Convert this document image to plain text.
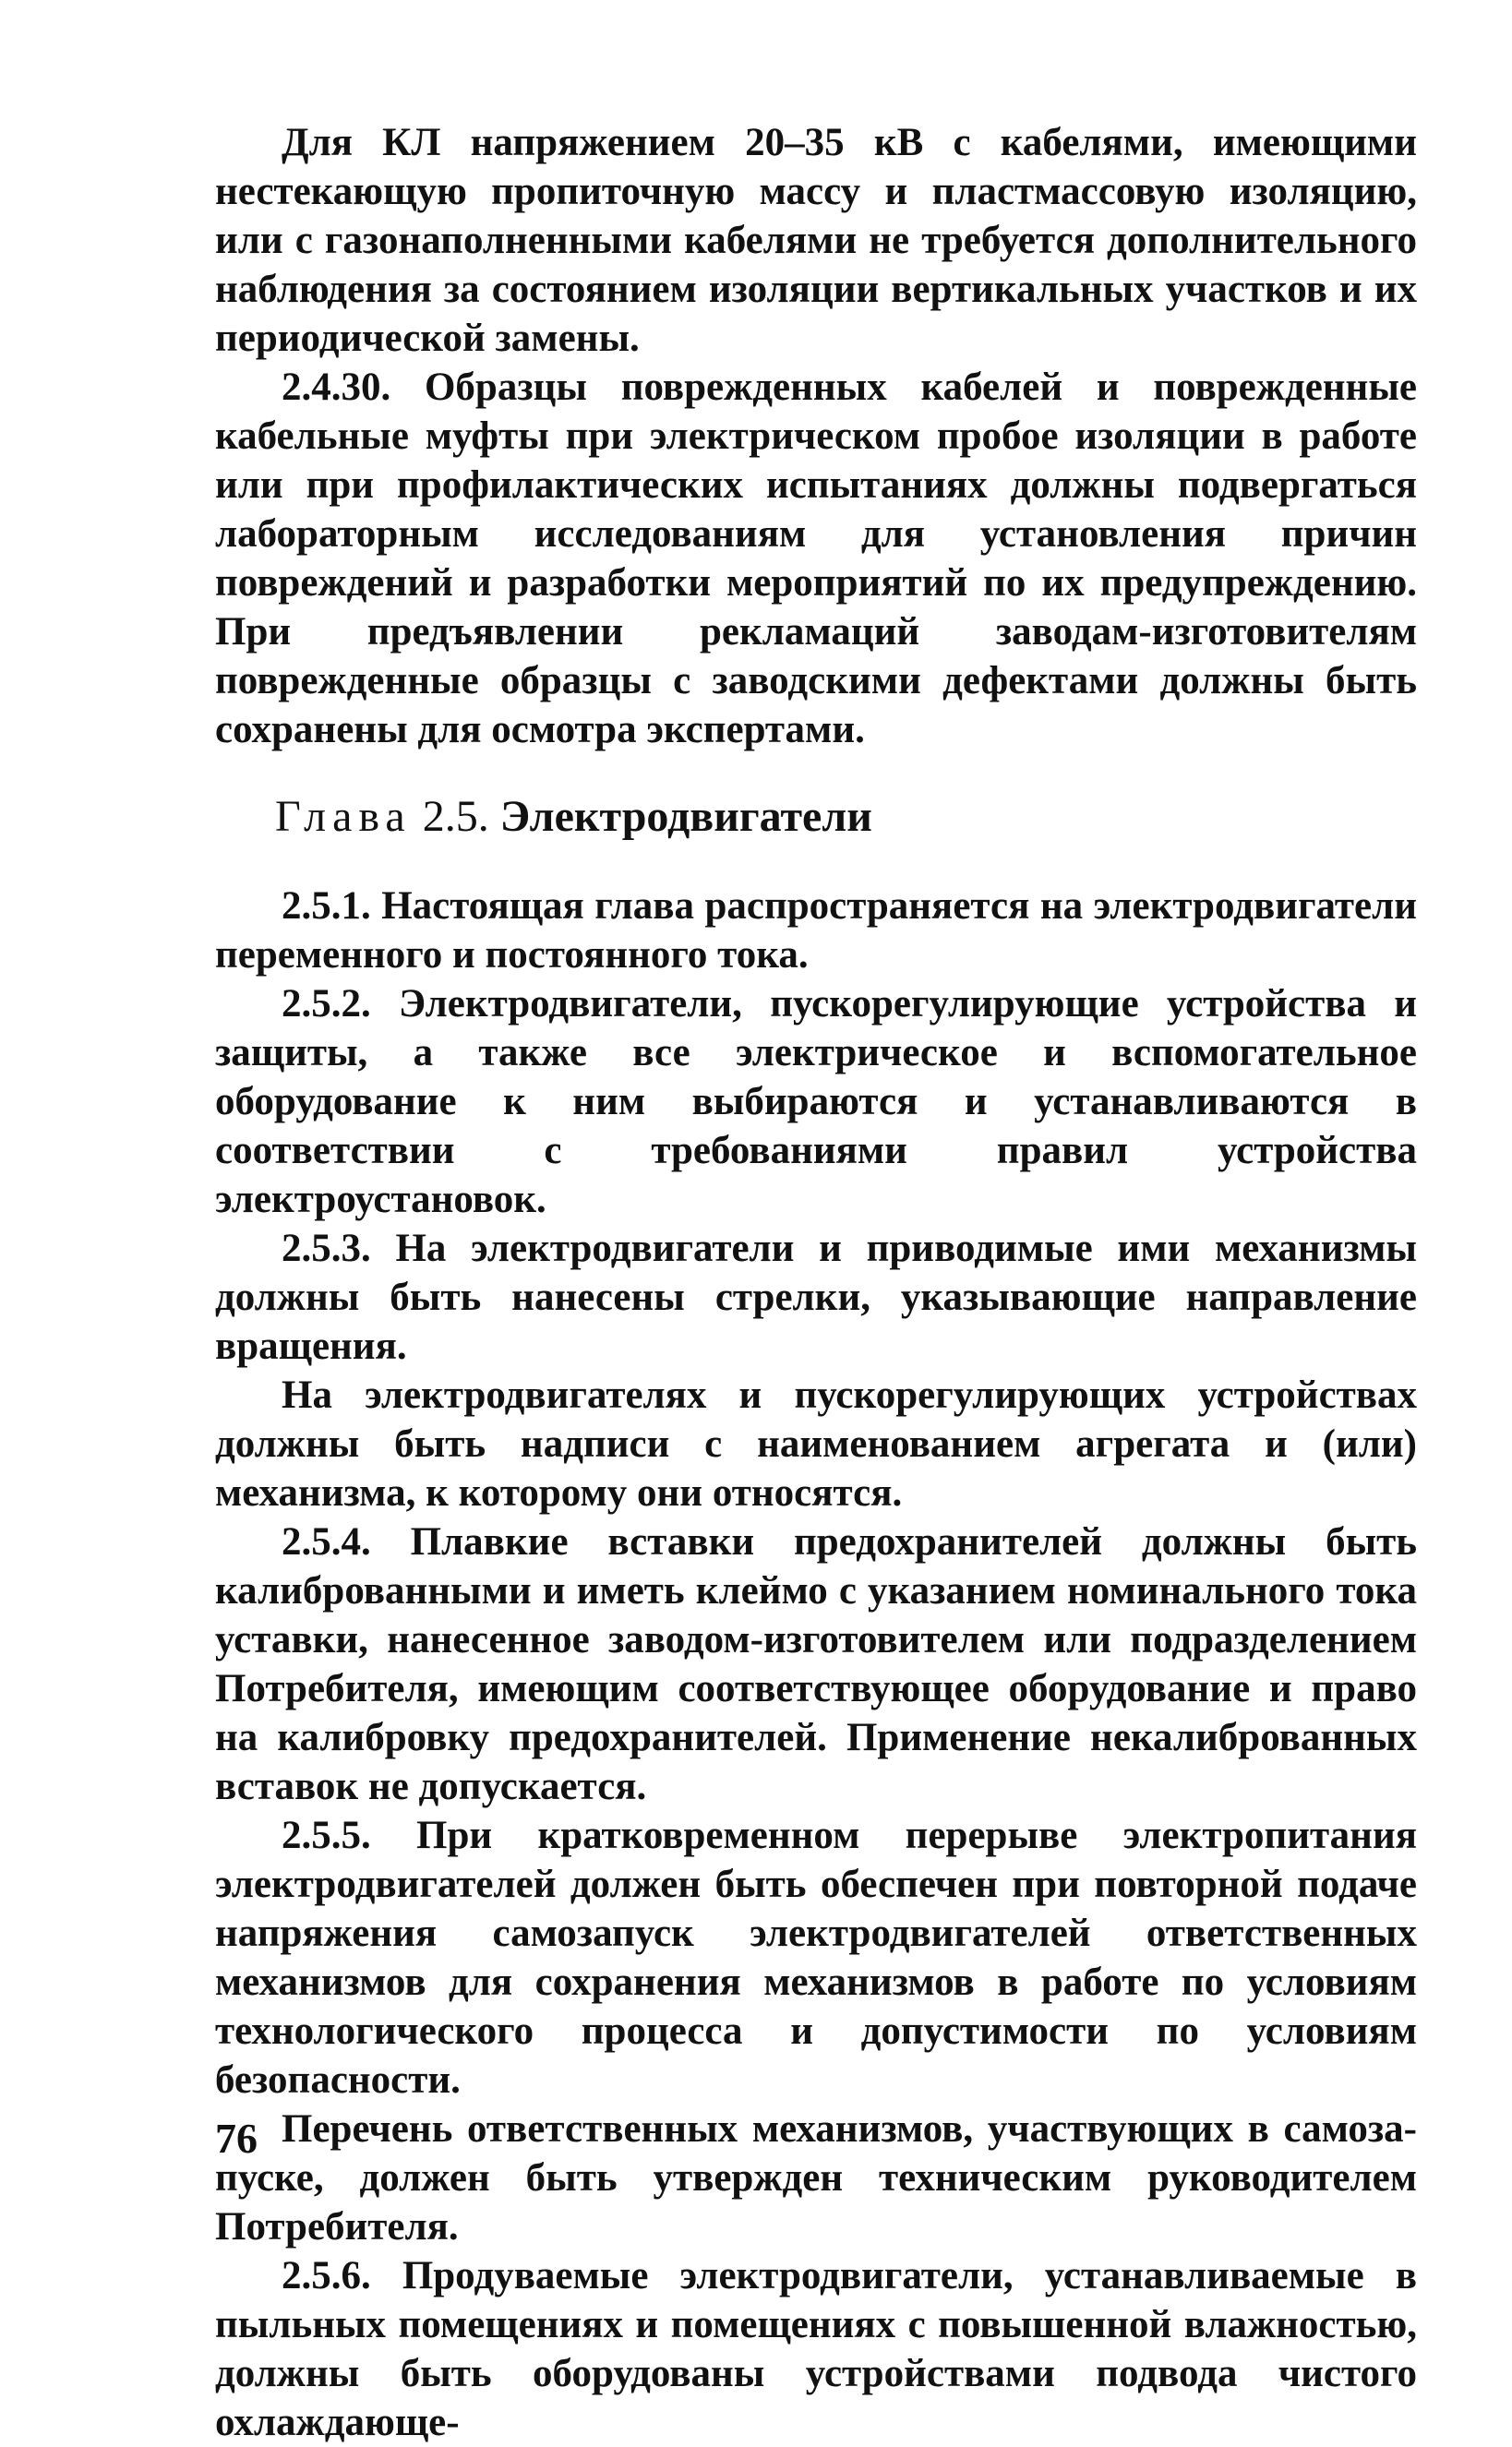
Для КЛ напряжением 20–35 кВ с кабелями, имеющими нестекающую пропиточную массу и пластмассовую изоляцию, или с газонаполненными кабелями не требуется дополнительного наблюдения за состоянием изоляции вертикальных участков и их периодической замены.

2.4.30. Образцы поврежденных кабелей и поврежденные кабельные муфты при электрическом пробое изоляции в работе или при профилактических испытаниях должны подвергаться лабораторным исследованиям для установления причин повреждений и разработки мероприятий по их предупреждению. При предъявлении рекламаций заводам-изготовителям поврежденные образцы с заводскими дефектами должны быть сохранены для осмотра экспертами.

Глава 2.5. Электродвигатели

2.5.1. Настоящая глава распространяется на электродвигатели переменного и постоянного тока.

2.5.2. Электродвигатели, пускорегулирующие устройства и защиты, а также все электрическое и вспомогательное оборудование к ним выбираются и устанавливаются в соответствии с требованиями правил устройства электроустановок.

2.5.3. На электродвигатели и приводимые ими механизмы должны быть нанесены стрелки, указывающие направление вращения.

На электродвигателях и пускорегулирующих устройствах должны быть надписи с наименованием агрегата и (или) механизма, к которому они относятся.

2.5.4. Плавкие вставки предохранителей должны быть калиброванными и иметь клеймо с указанием номинального тока уставки, нанесенное заводом-изготовителем или подразделением Потребителя, имеющим соответствующее оборудование и право на калибровку предохранителей. Применение некалиброванных вставок не допускается.

2.5.5. При кратковременном перерыве электропитания электродвигателей должен быть обеспечен при повторной подаче напряжения самозапуск электродвигателей ответственных механизмов для сохранения механизмов в работе по условиям технологического процесса и допустимости по условиям безопасности.

Перечень ответственных механизмов, участвующих в самозапуске, должен быть утвержден техническим руководителем Потребителя.

2.5.6. Продуваемые электродвигатели, устанавливаемые в пыльных помещениях и помещениях с повышенной влажностью, должны быть оборудованы устройствами подвода чистого охлаждающе-

76
